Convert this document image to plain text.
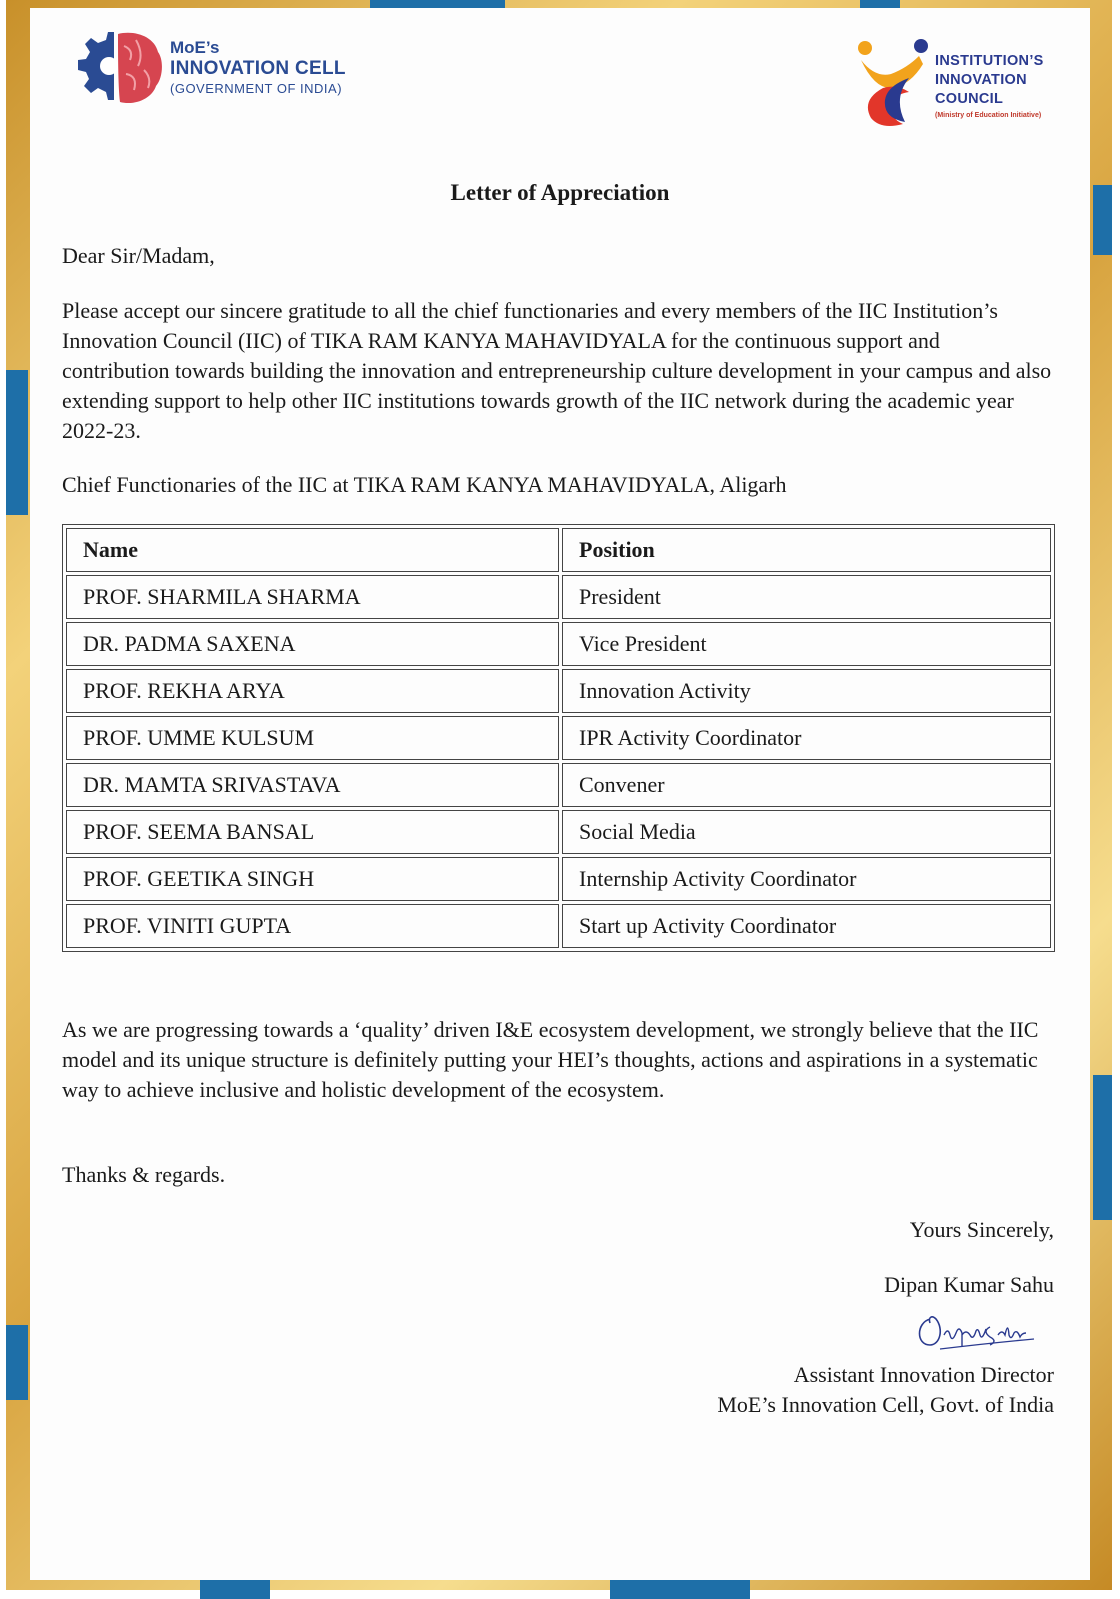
MoE’s
INNOVATION CELL
(GOVERNMENT OF INDIA)
INSTITUTION’S
INNOVATION
COUNCIL
(Ministry of Education Initiative)
Letter of Appreciation
Dear Sir/Madam,
Please accept our sincere gratitude to all the chief functionaries and every members of the IIC Institution’s Innovation Council (IIC) of TIKA RAM KANYA MAHAVIDYALA for the continuous support and contribution towards building the innovation and entrepreneurship culture development in your campus and also extending support to help other IIC institutions towards growth of the IIC network during the academic year 2022-23.
Chief Functionaries of the IIC at TIKA RAM KANYA MAHAVIDYALA, Aligarh
Name	Position
PROF. SHARMILA SHARMA	President
DR. PADMA SAXENA	Vice President
PROF. REKHA ARYA	Innovation Activity
PROF. UMME KULSUM	IPR Activity Coordinator
DR. MAMTA SRIVASTAVA	Convener
PROF. SEEMA BANSAL	Social Media
PROF. GEETIKA SINGH	Internship Activity Coordinator
PROF. VINITI GUPTA	Start up Activity Coordinator
As we are progressing towards a ‘quality’ driven I&E ecosystem development, we strongly believe that the IIC model and its unique structure is definitely putting your HEI’s thoughts, actions and aspirations in a systematic way to achieve inclusive and holistic development of the ecosystem.
Thanks & regards.
Yours Sincerely,
Dipan Kumar Sahu
Assistant Innovation Director
MoE’s Innovation Cell, Govt. of India
